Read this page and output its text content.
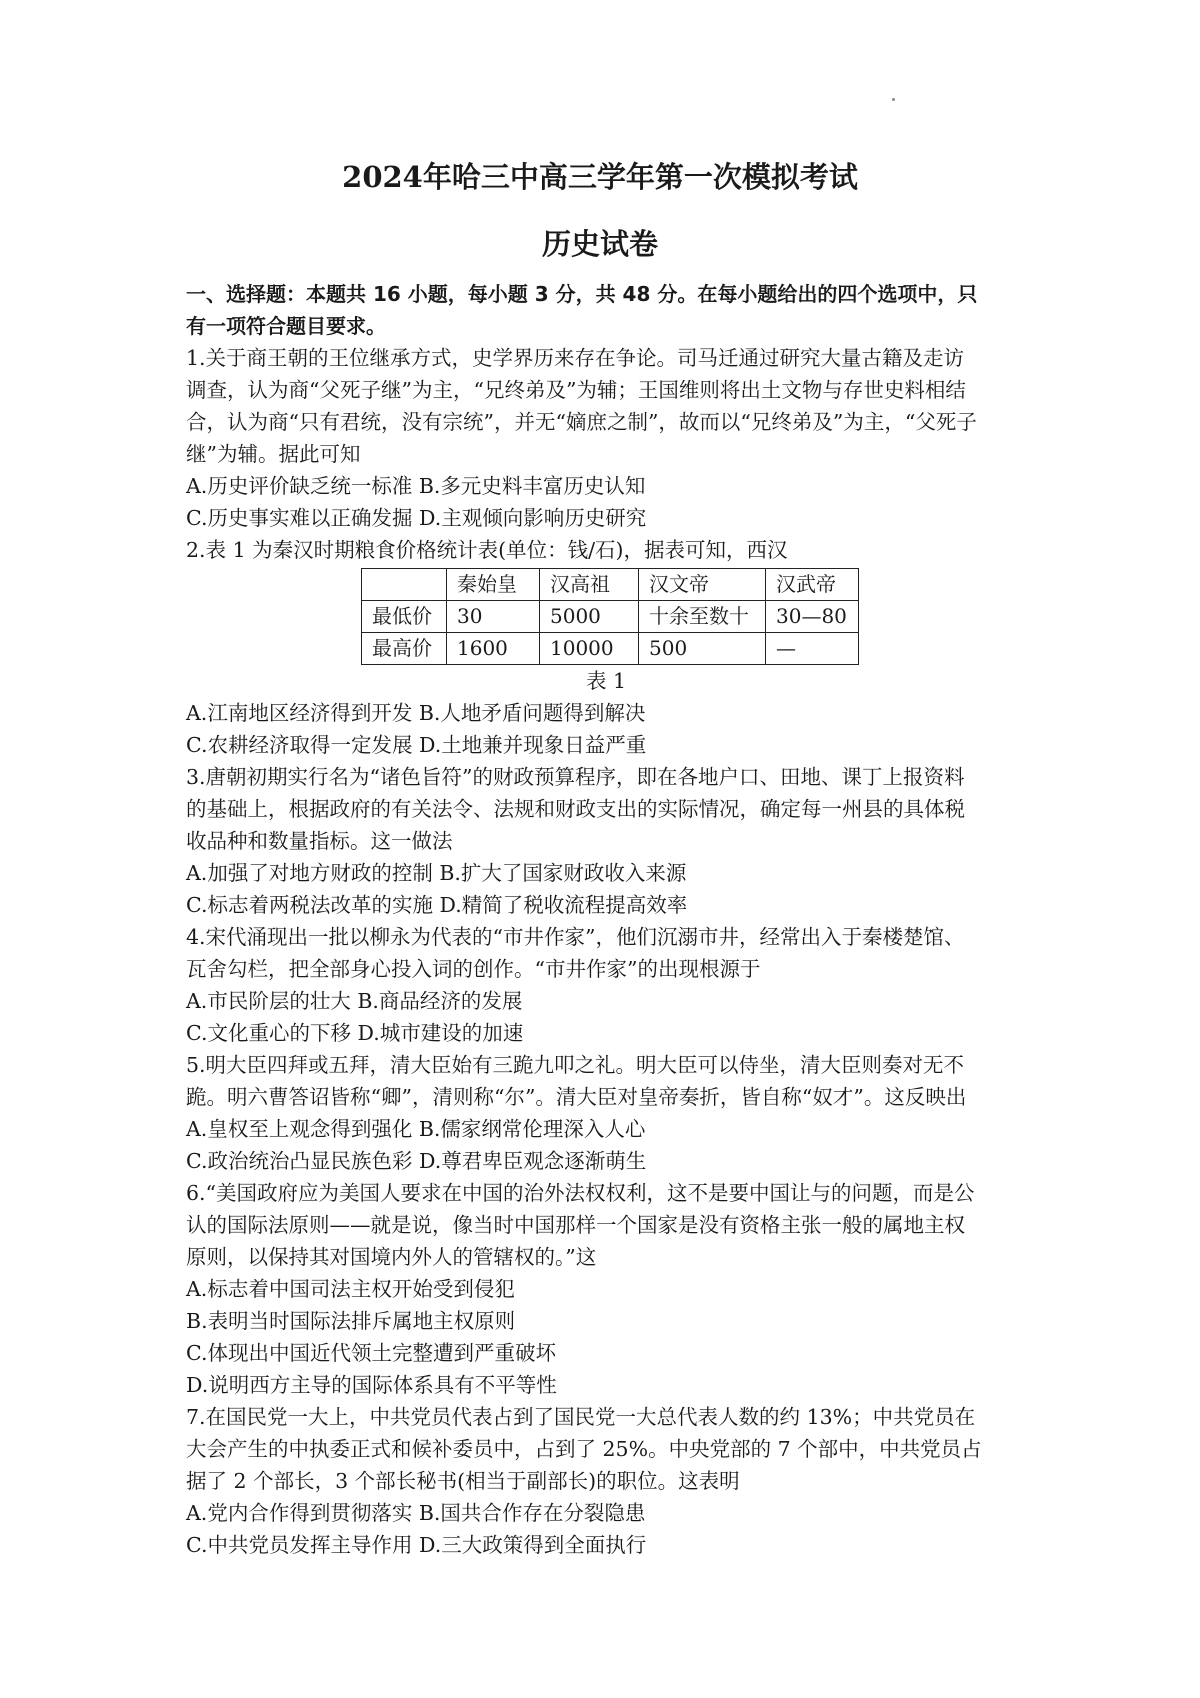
2024年哈三中高三学年第一次模拟考试
历史试卷

一、选择题：本题共 16 小题，每小题 3 分，共 48 分。在每小题给出的四个选项中，只

有一项符合题目要求。

1.关于商王朝的王位继承方式，史学界历来存在争论。司马迁通过研究大量古籍及走访

调查，认为商“父死子继”为主，“兄终弟及”为辅；王国维则将出土文物与存世史料相结

合，认为商“只有君统，没有宗统”，并无“嫡庶之制”，故而以“兄终弟及”为主，“父死子

继”为辅。据此可知

A.历史评价缺乏统一标准 B.多元史料丰富历史认知

C.历史事实难以正确发掘 D.主观倾向影响历史研究

2.表 1 为秦汉时期粮食价格统计表(单位：钱/石)，据表可知，西汉

	秦始皇	汉高祖	汉文帝	汉武帝
最低价	30	5000	十余至数十	30—80
最高价	1600	10000	500	—

表 1

A.江南地区经济得到开发 B.人地矛盾问题得到解决

C.农耕经济取得一定发展 D.土地兼并现象日益严重

3.唐朝初期实行名为“诸色旨符”的财政预算程序，即在各地户口、田地、课丁上报资料

的基础上，根据政府的有关法令、法规和财政支出的实际情况，确定每一州县的具体税

收品种和数量指标。这一做法

A.加强了对地方财政的控制 B.扩大了国家财政收入来源

C.标志着两税法改革的实施 D.精简了税收流程提高效率

4.宋代涌现出一批以柳永为代表的“市井作家”，他们沉溺市井，经常出入于秦楼楚馆、

瓦舍勾栏，把全部身心投入词的创作。“市井作家”的出现根源于

A.市民阶层的壮大 B.商品经济的发展

C.文化重心的下移 D.城市建设的加速

5.明大臣四拜或五拜，清大臣始有三跪九叩之礼。明大臣可以侍坐，清大臣则奏对无不

跪。明六曹答诏皆称“卿”，清则称“尔”。清大臣对皇帝奏折，皆自称“奴才”。这反映出

A.皇权至上观念得到强化 B.儒家纲常伦理深入人心

C.政治统治凸显民族色彩 D.尊君卑臣观念逐渐萌生

6.“美国政府应为美国人要求在中国的治外法权权利，这不是要中国让与的问题，而是公

认的国际法原则——就是说，像当时中国那样一个国家是没有资格主张一般的属地主权

原则，以保持其对国境内外人的管辖权的。”这

A.标志着中国司法主权开始受到侵犯

B.表明当时国际法排斥属地主权原则

C.体现出中国近代领土完整遭到严重破坏

D.说明西方主导的国际体系具有不平等性

7.在国民党一大上，中共党员代表占到了国民党一大总代表人数的约 13%；中共党员在

大会产生的中执委正式和候补委员中，占到了 25%。中央党部的 7 个部中，中共党员占

据了 2 个部长，3 个部长秘书(相当于副部长)的职位。这表明

A.党内合作得到贯彻落实 B.国共合作存在分裂隐患

C.中共党员发挥主导作用 D.三大政策得到全面执行
